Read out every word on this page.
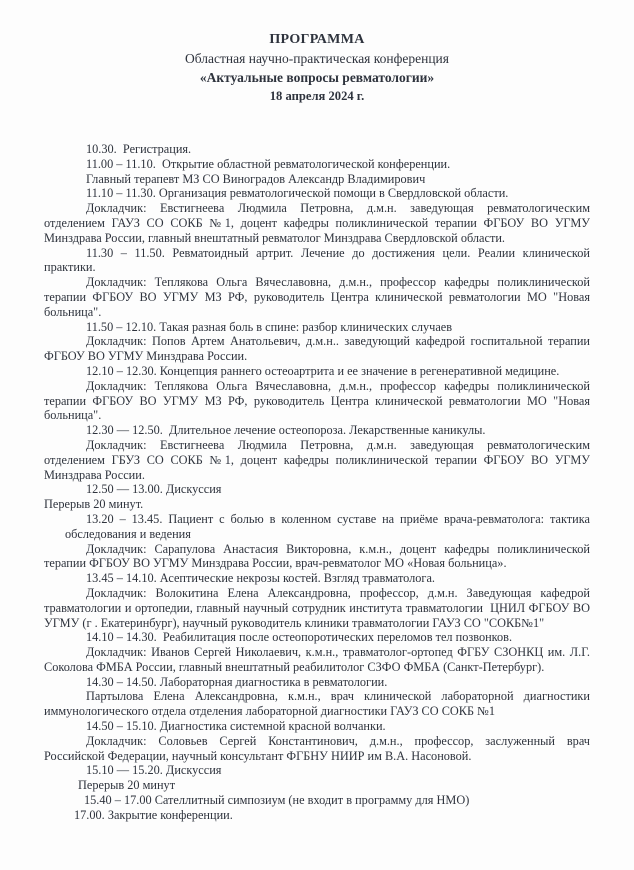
ПРОГРАММА
Областная научно-практическая конференция
«Актуальные вопросы ревматологии»
18 апреля 2024 г.

10.30.  Регистрация.

11.00 – 11.10.  Открытие областной ревматологической конференции.

Главный терапевт МЗ СО Виноградов Александр Владимирович

11.10 – 11.30. Организация ревматологической помощи в Свердловской области.

Докладчик: Евстигнеева Людмила Петровна, д.м.н. заведующая ревматологическим отделением ГАУЗ СО СОКБ №1, доцент кафедры поликлинической терапии ФГБОУ ВО УГМУ Минздрава России, главный внештатный ревматолог Минздрава Свердловской области.

11.30 – 11.50. Ревматоидный артрит. Лечение до достижения цели. Реалии клинической практики.

Докладчик: Теплякова Ольга Вячеславовна, д.м.н., профессор кафедры поликлинической терапии ФГБОУ ВО УГМУ МЗ РФ, руководитель Центра клинической ревматологии МО "Новая больница".

11.50 – 12.10. Такая разная боль в спине: разбор клинических случаев

Докладчик: Попов Артем Анатольевич, д.м.н.. заведующий кафедрой госпитальной терапии ФГБОУ ВО УГМУ Минздрава России.

12.10 – 12.30. Концепция раннего остеоартрита и ее значение в регенеративной медицине.

Докладчик: Теплякова Ольга Вячеславовна, д.м.н., профессор кафедры поликлинической терапии ФГБОУ ВО УГМУ МЗ РФ, руководитель Центра клинической ревматологии МО "Новая больница".

12.30 — 12.50.  Длительное лечение остеопороза. Лекарственные каникулы.

Докладчик: Евстигнеева Людмила Петровна, д.м.н. заведующая ревматологическим отделением ГБУЗ СО СОКБ №1, доцент кафедры поликлинической терапии ФГБОУ ВО УГМУ Минздрава России.

12.50 — 13.00. Дискуссия

Перерыв 20 минут.

13.20 – 13.45. Пациент с болью в коленном суставе на приёме врача-ревматолога: тактика обследования и ведения

Докладчик: Сарапулова Анастасия Викторовна, к.м.н., доцент кафедры поликлинической терапии ФГБОУ ВО УГМУ Минздрава России, врач-ревматолог МО «Новая больница».

13.45 – 14.10. Асептические некрозы костей. Взгляд травматолога.

Докладчик: Волокитина Елена Александровна, профессор, д.м.н. Заведующая кафедрой травматологии и ортопедии, главный научный сотрудник института травматологии  ЦНИЛ ФГБОУ ВО УГМУ (г . Екатеринбург), научный руководитель клиники травматологии ГАУЗ СО "СОКБ№1"

14.10 – 14.30.  Реабилитация после остеопоротических переломов тел позвонков.

Докладчик: Иванов Сергей Николаевич, к.м.н., травматолог-ортопед ФГБУ СЗОНКЦ им. Л.Г. Соколова ФМБА России, главный внештатный реабилитолог СЗФО ФМБА (Санкт-Петербург).

14.30 – 14.50. Лабораторная диагностика в ревматологии.

Партылова Елена Александровна, к.м.н., врач клинической лабораторной диагностики иммунологического отдела отделения лабораторной диагностики ГАУЗ СО СОКБ №1

14.50 – 15.10. Диагностика системной красной волчанки.

Докладчик: Соловьев Сергей Константинович, д.м.н., профессор, заслуженный врач Российской Федерации, научный консультант ФГБНУ НИИР им В.А. Насоновой.

15.10 — 15.20. Дискуссия

Перерыв 20 минут

15.40 – 17.00 Сателлитный симпозиум (не входит в программу для НМО)

17.00. Закрытие конференции.
